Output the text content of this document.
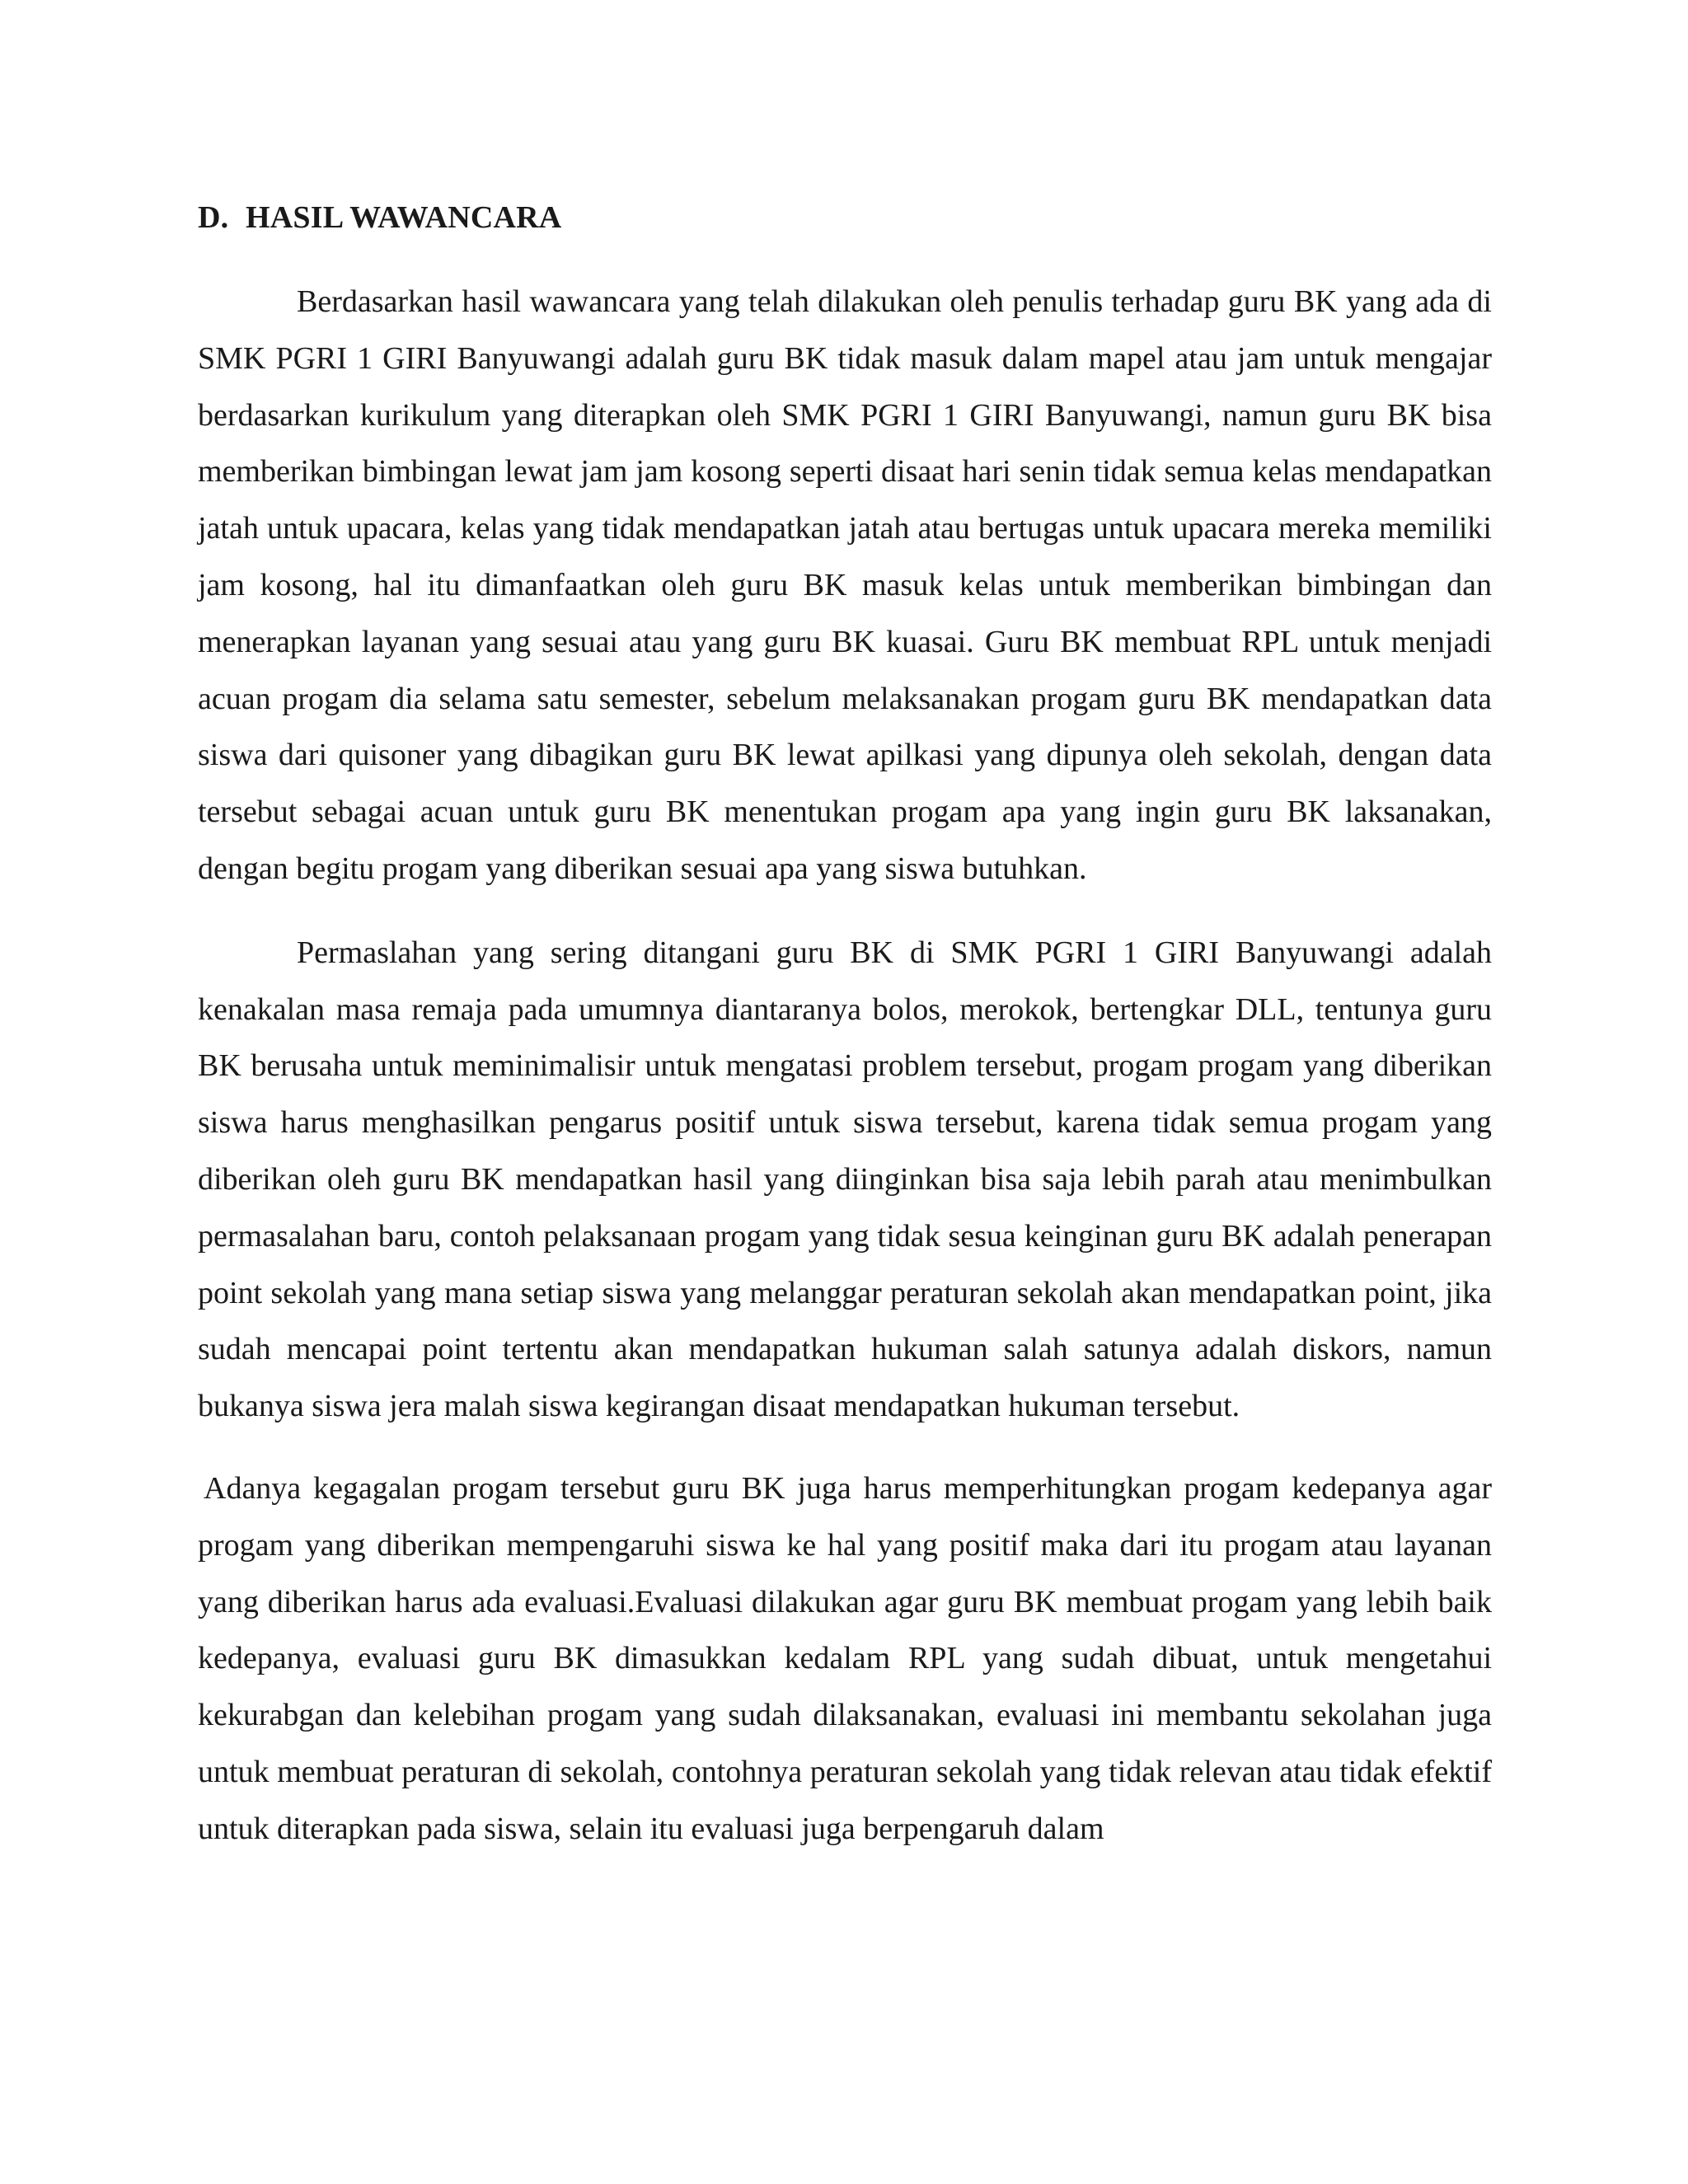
D. HASIL WAWANCARA

Berdasarkan hasil wawancara yang telah dilakukan oleh penulis terhadap guru BK yang ada di SMK PGRI 1 GIRI Banyuwangi adalah guru BK tidak masuk dalam mapel atau jam untuk mengajar berdasarkan kurikulum yang diterapkan oleh SMK PGRI 1 GIRI Banyuwangi, namun guru BK bisa memberikan bimbingan lewat jam jam kosong seperti disaat hari senin tidak semua kelas mendapatkan jatah untuk upacara, kelas yang tidak mendapatkan jatah atau bertugas untuk upacara mereka memiliki jam kosong, hal itu dimanfaatkan oleh guru BK masuk kelas untuk memberikan bimbingan dan menerapkan layanan yang sesuai atau yang guru BK kuasai. Guru BK membuat RPL untuk menjadi acuan progam dia selama satu semester, sebelum melaksanakan progam guru BK mendapatkan data siswa dari quisoner yang dibagikan guru BK lewat apilkasi yang dipunya oleh sekolah, dengan data tersebut sebagai acuan untuk guru BK menentukan progam apa yang ingin guru BK laksanakan, dengan begitu progam yang diberikan sesuai apa yang siswa butuhkan.

Permaslahan yang sering ditangani guru BK di SMK PGRI 1 GIRI Banyuwangi adalah kenakalan masa remaja pada umumnya diantaranya bolos, merokok, bertengkar DLL, tentunya guru BK berusaha untuk meminimalisir untuk mengatasi problem tersebut, progam progam yang diberikan siswa harus menghasilkan pengarus positif untuk siswa tersebut, karena tidak semua progam yang diberikan oleh guru BK mendapatkan hasil yang diinginkan bisa saja lebih parah atau menimbulkan permasalahan baru, contoh pelaksanaan progam yang tidak sesua keinginan guru BK adalah penerapan point sekolah yang mana setiap siswa yang melanggar peraturan sekolah akan mendapatkan point, jika sudah mencapai point tertentu akan mendapatkan hukuman salah satunya adalah diskors, namun bukanya siswa jera malah siswa kegirangan disaat mendapatkan hukuman tersebut.

Adanya kegagalan progam tersebut guru BK juga harus memperhitungkan progam kedepanya agar progam yang diberikan mempengaruhi siswa ke hal yang positif maka dari itu progam atau layanan yang diberikan harus ada evaluasi.Evaluasi dilakukan agar guru BK membuat progam yang lebih baik kedepanya, evaluasi guru BK dimasukkan kedalam RPL yang sudah dibuat, untuk mengetahui kekurabgan dan kelebihan progam yang sudah dilaksanakan, evaluasi ini membantu sekolahan juga untuk membuat peraturan di sekolah, contohnya peraturan sekolah yang tidak relevan atau tidak efektif untuk diterapkan pada siswa, selain itu evaluasi juga berpengaruh dalam
